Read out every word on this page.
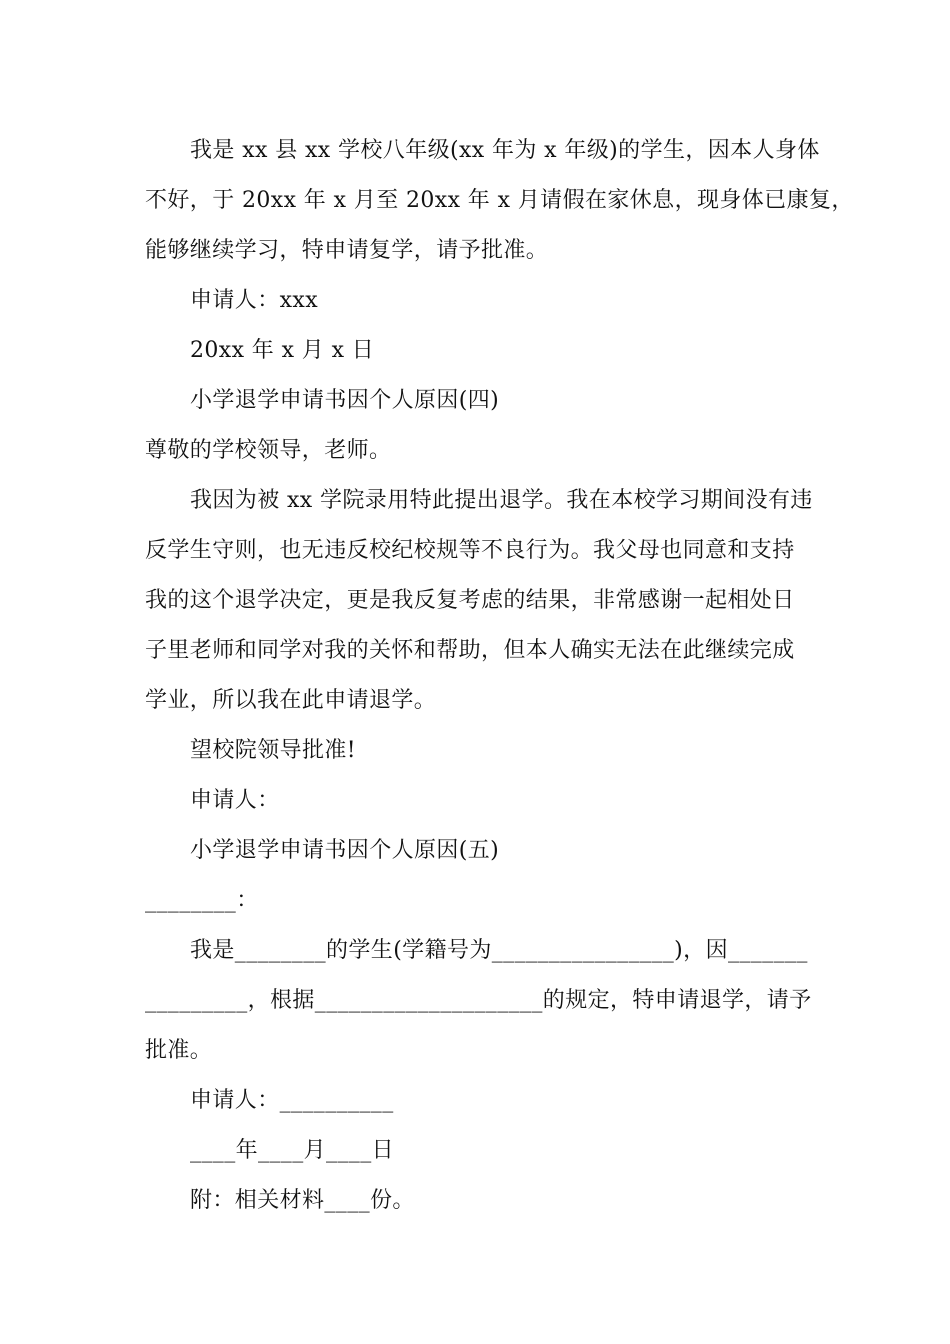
我是 xx 县 xx 学校八年级(xx 年为 x 年级)的学生，因本人身体
不好，于 20xx 年 x 月至 20xx 年 x 月请假在家休息，现身体已康复，
能够继续学习，特申请复学，请予批准。
申请人：xxx
20xx 年 x 月 x 日
小学退学申请书因个人原因(四)
尊敬的学校领导，老师。
我因为被 xx 学院录用特此提出退学。我在本校学习期间没有违
反学生守则，也无违反校纪校规等不良行为。我父母也同意和支持
我的这个退学决定，更是我反复考虑的结果，非常感谢一起相处日
子里老师和同学对我的关怀和帮助，但本人确实无法在此继续完成
学业，所以我在此申请退学。
望校院领导批准!
申请人：
小学退学申请书因个人原因(五)
________：
我是________的学生(学籍号为________________)，因_______
_________，根据____________________的规定，特申请退学，请予
批准。
申请人：__________
____年____月____日
附：相关材料____份。
